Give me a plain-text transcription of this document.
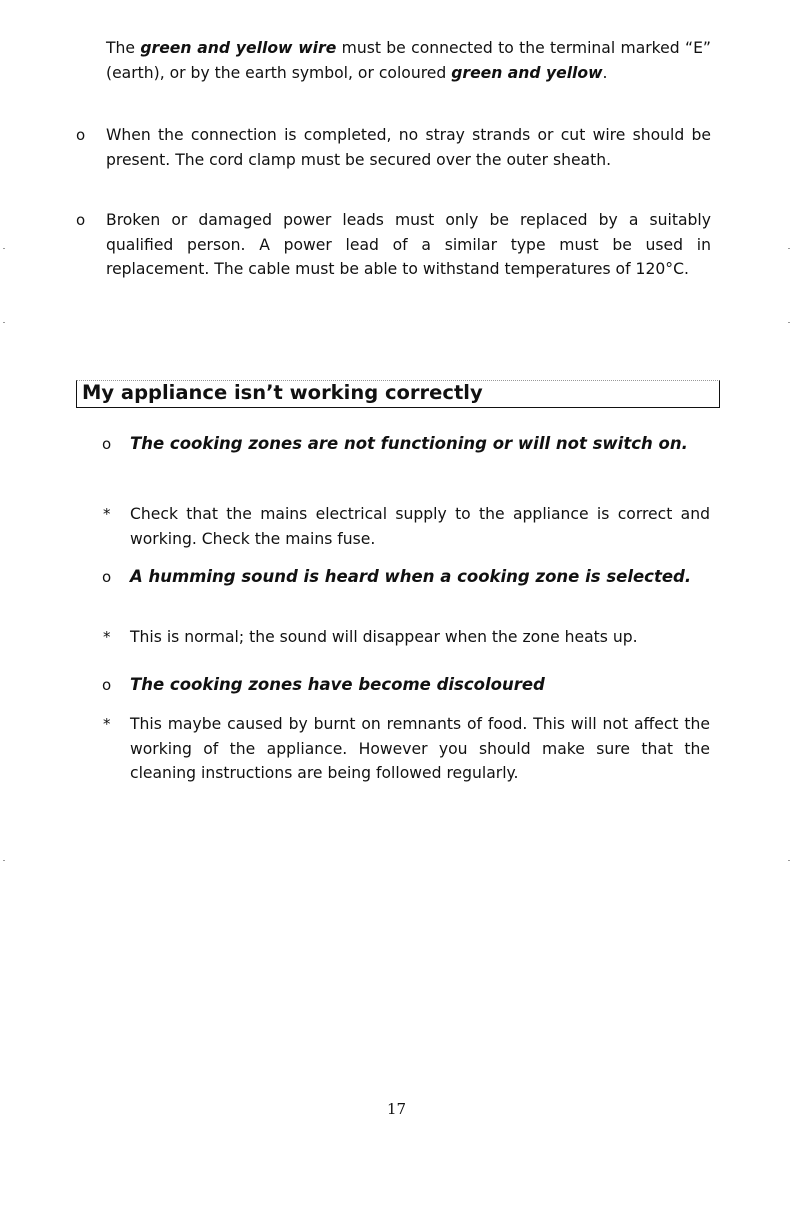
The green and yellow wire must be connected to the terminal marked “E” (earth), or by the earth symbol, or coloured green and yellow.

o When the connection is completed, no stray strands or cut wire should be present. The cord clamp must be secured over the outer sheath.

o Broken or damaged power leads must only be replaced by a suitably qualified person. A power lead of a similar type must be used in replacement. The cable must be able to withstand temperatures of 120°C.

My appliance isn’t working correctly
o The cooking zones are not functioning or will not switch on.

* Check that the mains electrical supply to the appliance is correct and working. Check the mains fuse.

o A humming sound is heard when a cooking zone is selected.

* This is normal; the sound will disappear when the zone heats up.

o The cooking zones have become discoloured

* This maybe caused by burnt on remnants of food. This will not affect the working of the appliance. However you should make sure that the cleaning instructions are being followed regularly.

17
